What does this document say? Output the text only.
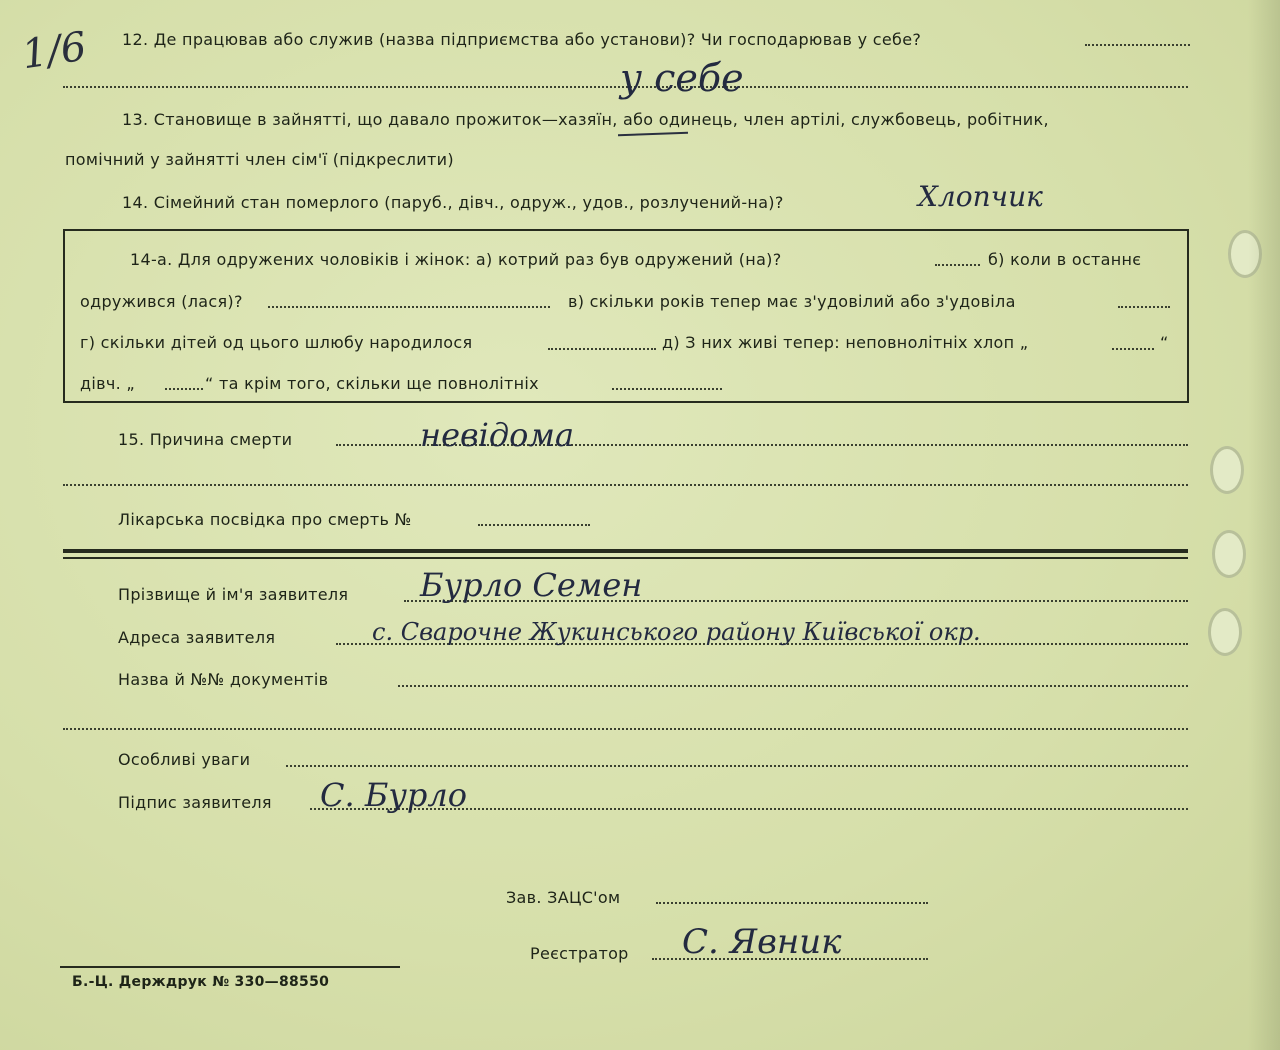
1/6 12. Де працював або служив (назва підприємства або установи)? Чи господарював у себе?
у себе
13. Становище в зайнятті, що давало прожиток—хазяїн, або одинець, член артілі, службовець, робітник,
помічний у зайнятті член сім'ї (підкреслити)
14. Сімейний стан померлого (паруб., дівч., одруж., удов., розлучений-на)?	Хлопчик
14-а. Для одружених чоловіків і жінок: а) котрий раз був одружений (на)?	б) коли в останнє
одружився (лася)?	в) скільки років тепер має з'удовілий або з'удовіла
г) скільки дітей од цього шлюбу народилося	д) З них живі тепер: неповнолітніх хлоп „	“
дівч. „	“ та крім того, скільки ще повнолітніх
15. Причина смерти	невідома
Лікарська посвідка про смерть №
Прізвище й ім'я заявителя Бурло Семен
Адреса заявителя	с. Сварочне Жукинського району Київської окр.
Назва й №№ документів
Особливі уваги
Підпис заявителя С. Бурло
Зав. ЗАЦС'ом
Реєстратор С. Явник
Б.-Ц. Держдрук № 330—88550
